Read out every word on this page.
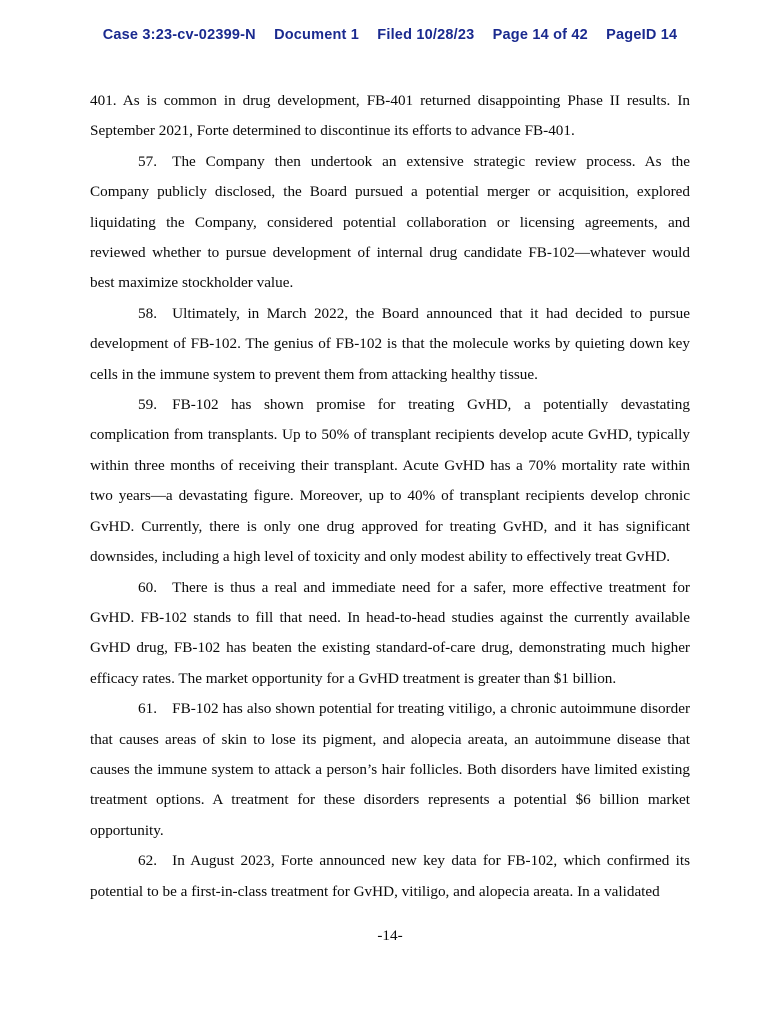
Case 3:23-cv-02399-N Document 1 Filed 10/28/23 Page 14 of 42 PageID 14

401. As is common in drug development, FB-401 returned disappointing Phase II results. In September 2021, Forte determined to discontinue its efforts to advance FB-401.

57. The Company then undertook an extensive strategic review process. As the Company publicly disclosed, the Board pursued a potential merger or acquisition, explored liquidating the Company, considered potential collaboration or licensing agreements, and reviewed whether to pursue development of internal drug candidate FB-102—whatever would best maximize stockholder value.

58. Ultimately, in March 2022, the Board announced that it had decided to pursue development of FB-102. The genius of FB-102 is that the molecule works by quieting down key cells in the immune system to prevent them from attacking healthy tissue.

59. FB-102 has shown promise for treating GvHD, a potentially devastating complication from transplants. Up to 50% of transplant recipients develop acute GvHD, typically within three months of receiving their transplant. Acute GvHD has a 70% mortality rate within two years—a devastating figure. Moreover, up to 40% of transplant recipients develop chronic GvHD. Currently, there is only one drug approved for treating GvHD, and it has significant downsides, including a high level of toxicity and only modest ability to effectively treat GvHD.

60. There is thus a real and immediate need for a safer, more effective treatment for GvHD. FB-102 stands to fill that need. In head-to-head studies against the currently available GvHD drug, FB-102 has beaten the existing standard-of-care drug, demonstrating much higher efficacy rates. The market opportunity for a GvHD treatment is greater than $1 billion.

61. FB-102 has also shown potential for treating vitiligo, a chronic autoimmune disorder that causes areas of skin to lose its pigment, and alopecia areata, an autoimmune disease that causes the immune system to attack a person’s hair follicles. Both disorders have limited existing treatment options. A treatment for these disorders represents a potential $6 billion market opportunity.

62. In August 2023, Forte announced new key data for FB-102, which confirmed its potential to be a first-in-class treatment for GvHD, vitiligo, and alopecia areata. In a validated

-14-
